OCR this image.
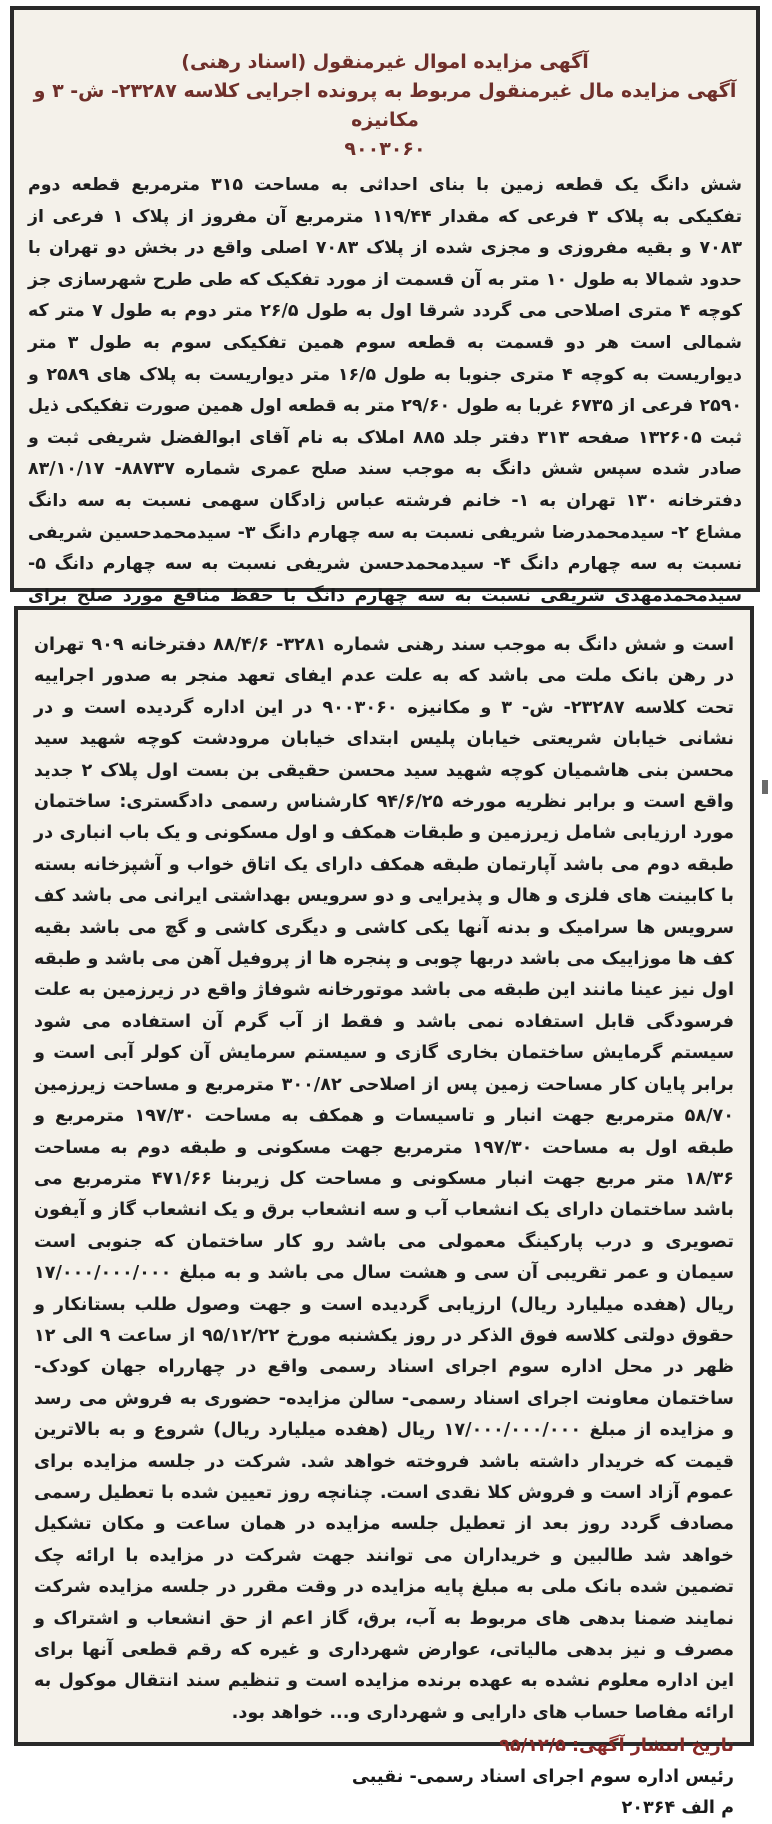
آگهی مزایده اموال غیرمنقول (اسناد رهنی)

آگهی مزایده مال غیرمنقول مربوط به پرونده اجرایی کلاسه ۲۳۲۸۷- ش- ۳ و مکانیزه

۹۰۰۳۰۶۰

شش دانگ یک قطعه زمین با بنای احداثی به مساحت ۳۱۵ مترمربع قطعه دوم تفکیکی به پلاک ۳ فرعی که مقدار ۱۱۹/۴۴ مترمربع آن مفروز از پلاک ۱ فرعی از ۷۰۸۳ و بقیه مفروزی و مجزی شده از پلاک ۷۰۸۳ اصلی واقع در بخش دو تهران با حدود شمالا به طول ۱۰ متر به آن قسمت از مورد تفکیک که طی طرح شهرسازی جز کوچه ۴ متری اصلاحی می گردد شرقا اول به طول ۲۶/۵ متر دوم به طول ۷ متر که شمالی است هر دو قسمت به قطعه سوم همین تفکیکی سوم به طول ۳ متر دیواریست به کوچه ۴ متری جنوبا به طول ۱۶/۵ متر دیواریست به پلاک های ۲۵۸۹ و ۲۵۹۰ فرعی از ۶۷۳۵ غربا به طول ۲۹/۶۰ متر به قطعه اول همین صورت تفکیکی ذیل ثبت ۱۳۲۶۰۵ صفحه ۳۱۳ دفتر جلد ۸۸۵ املاک به نام آقای ابوالفضل شریفی ثبت و صادر شده سپس شش دانگ به موجب سند صلح عمری شماره ۸۸۷۳۷- ۸۳/۱۰/۱۷ دفترخانه ۱۳۰ تهران به ۱- خانم فرشته عباس زادگان سهمی نسبت به سه دانگ مشاع ۲- سیدمحمدرضا شریفی نسبت به سه چهارم دانگ ۳- سیدمحمدحسین شریفی نسبت به سه چهارم دانگ ۴- سیدمحمدحسن شریفی نسبت به سه چهارم دانگ ۵- سیدمحمدمهدی شریفی نسبت به سه چهارم دانگ با حفظ منافع مورد صلح برای

است و شش دانگ به موجب سند رهنی شماره ۳۲۸۱- ۸۸/۴/۶ دفترخانه ۹۰۹ تهران در رهن بانک ملت می باشد که به علت عدم ایفای تعهد منجر به صدور اجراییه تحت کلاسه ۲۳۲۸۷- ش- ۳ و مکانیزه ۹۰۰۳۰۶۰ در این اداره گردیده است و در نشانی خیابان شریعتی خیابان پلیس ابتدای خیابان مرودشت کوچه شهید سید محسن بنی هاشمیان کوچه شهید سید محسن حقیقی بن بست اول پلاک ۲ جدید واقع است و برابر نظریه مورخه ۹۴/۶/۲۵ کارشناس رسمی دادگستری: ساختمان مورد ارزیابی شامل زیرزمین و طبقات همکف و اول مسکونی و یک باب انباری در طبقه دوم می باشد آپارتمان طبقه همکف دارای یک اتاق خواب و آشپزخانه بسته با کابینت های فلزی و هال و پذیرایی و دو سرویس بهداشتی ایرانی می باشد کف سرویس ها سرامیک و بدنه آنها یکی کاشی و دیگری کاشی و گچ می باشد بقیه کف ها موزاییک می باشد دربها چوبی و پنجره ها از پروفیل آهن می باشد و طبقه اول نیز عینا مانند این طبقه می باشد موتورخانه شوفاژ واقع در زیرزمین به علت فرسودگی قابل استفاده نمی باشد و فقط از آب گرم آن استفاده می شود سیستم گرمایش ساختمان بخاری گازی و سیستم سرمایش آن کولر آبی است و برابر پایان کار مساحت زمین پس از اصلاحی ۳۰۰/۸۲ مترمربع و مساحت زیرزمین ۵۸/۷۰ مترمربع جهت انبار و تاسیسات و همکف به مساحت ۱۹۷/۳۰ مترمربع و طبقه اول به مساحت ۱۹۷/۳۰ مترمربع جهت مسکونی و طبقه دوم به مساحت ۱۸/۳۶ متر مربع جهت انبار مسکونی و مساحت کل زیربنا ۴۷۱/۶۶ مترمربع می باشد ساختمان دارای یک انشعاب آب و سه انشعاب برق و یک انشعاب گاز و آیفون تصویری و درب پارکینگ معمولی می باشد رو کار ساختمان که جنوبی است سیمان و عمر تقریبی آن سی و هشت سال می باشد و به مبلغ ۱۷/۰۰۰/۰۰۰/۰۰۰ ریال (هفده میلیارد ریال) ارزیابی گردیده است و جهت وصول طلب بستانکار و حقوق دولتی کلاسه فوق الذکر در روز یکشنبه مورخ ۹۵/۱۲/۲۲ از ساعت ۹ الی ۱۲ ظهر در محل اداره سوم اجرای اسناد رسمی واقع در چهارراه جهان کودک- ساختمان معاونت اجرای اسناد رسمی- سالن مزایده- حضوری به فروش می رسد و مزایده از مبلغ ۱۷/۰۰۰/۰۰۰/۰۰۰ ریال (هفده میلیارد ریال) شروع و به بالاترین قیمت که خریدار داشته باشد فروخته خواهد شد. شرکت در جلسه مزایده برای عموم آزاد است و فروش کلا نقدی است. چنانچه روز تعیین شده با تعطیل رسمی مصادف گردد روز بعد از تعطیل جلسه مزایده در همان ساعت و مکان تشکیل خواهد شد طالبین و خریداران می توانند جهت شرکت در مزایده با ارائه چک تضمین شده بانک ملی به مبلغ پایه مزایده در وقت مقرر در جلسه مزایده شرکت نمایند ضمنا بدهی های مربوط به آب، برق، گاز اعم از حق انشعاب و اشتراک و مصرف و نیز بدهی مالیاتی، عوارض شهرداری و غیره که رقم قطعی آنها برای این اداره معلوم نشده به عهده برنده مزایده است و تنظیم سند انتقال موکول به ارائه مفاصا حساب های دارایی و شهرداری و... خواهد بود.

تاریخ انتشار آگهی: ۹۵/۱۲/۵
رئیس اداره سوم اجرای اسناد رسمی- نقیبی
م الف ۲۰۳۶۴
